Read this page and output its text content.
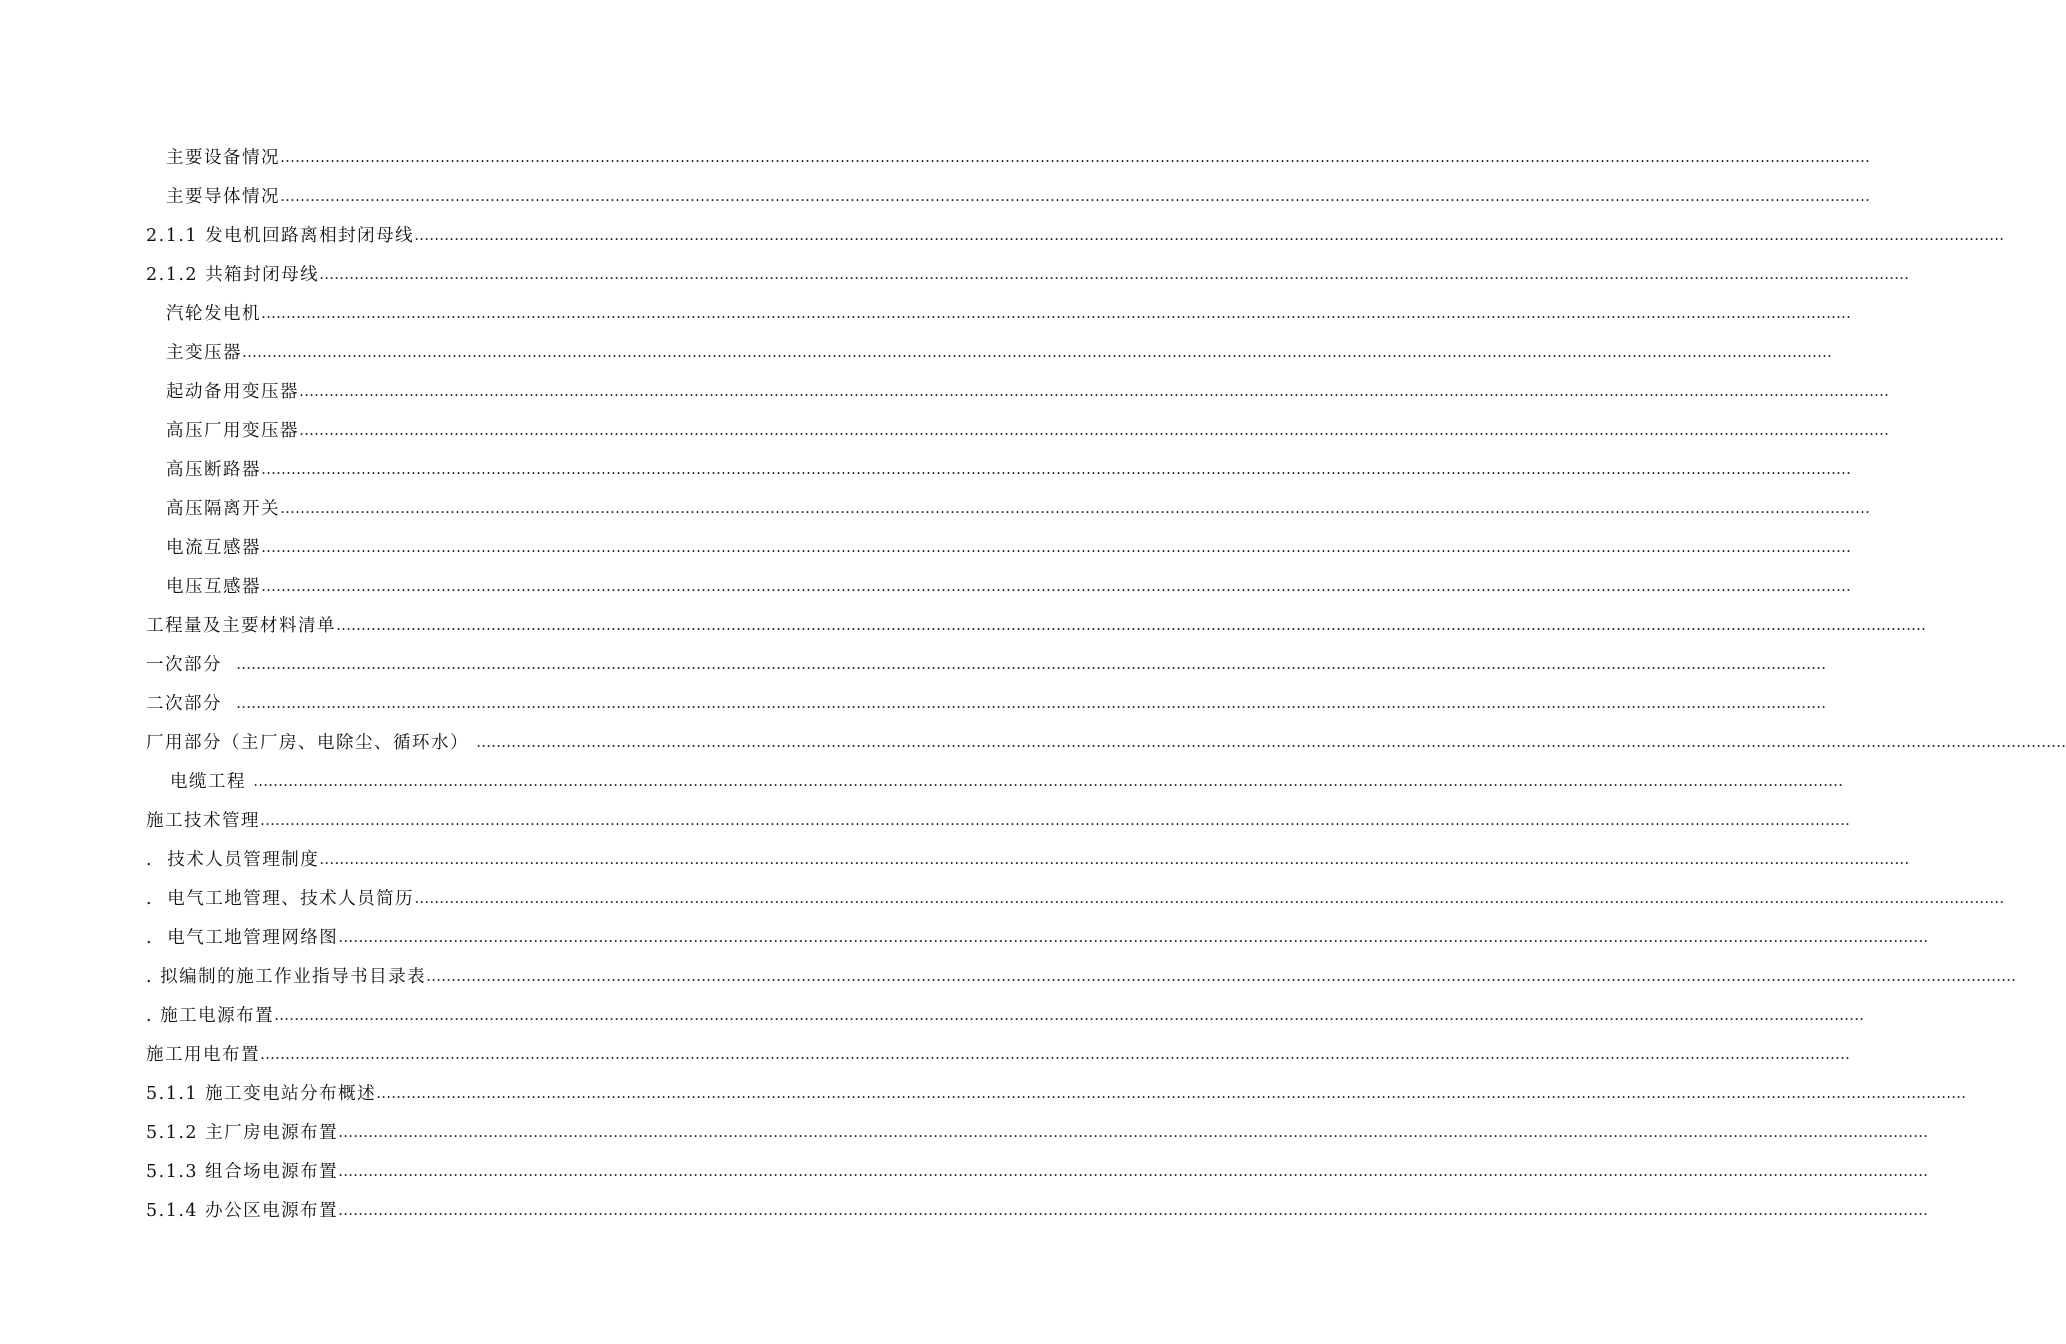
主要设备情况 …………………………………………………………………………………………………………………………………………………………………………………………………………………………………………………………………………………………
主要导体情况 …………………………………………………………………………………………………………………………………………………………………………………………………………………………………………………………………………………………
2.1.1 发电机回路离相封闭母线 …………………………………………………………………………………………………………………………………………………………………………………………………………………………………………………………………………………………
2.1.2 共箱封闭母线 …………………………………………………………………………………………………………………………………………………………………………………………………………………………………………………………………………………………
汽轮发电机 …………………………………………………………………………………………………………………………………………………………………………………………………………………………………………………………………………………………
主变压器 …………………………………………………………………………………………………………………………………………………………………………………………………………………………………………………………………………………………
起动备用变压器 …………………………………………………………………………………………………………………………………………………………………………………………………………………………………………………………………………………………
高压厂用变压器 …………………………………………………………………………………………………………………………………………………………………………………………………………………………………………………………………………………………
高压断路器 …………………………………………………………………………………………………………………………………………………………………………………………………………………………………………………………………………………………
高压隔离开关 …………………………………………………………………………………………………………………………………………………………………………………………………………………………………………………………………………………………
电流互感器 …………………………………………………………………………………………………………………………………………………………………………………………………………………………………………………………………………………………
电压互感器 …………………………………………………………………………………………………………………………………………………………………………………………………………………………………………………………………………………………
工程量及主要材料清单 …………………………………………………………………………………………………………………………………………………………………………………………………………………………………………………………………………………………
一次部分 …………………………………………………………………………………………………………………………………………………………………………………………………………………………………………………………………………………………
二次部分 …………………………………………………………………………………………………………………………………………………………………………………………………………………………………………………………………………………………
厂用部分（主厂房、电除尘、循环水） …………………………………………………………………………………………………………………………………………………………………………………………………………………………………………………………………………………………
电缆工程 …………………………………………………………………………………………………………………………………………………………………………………………………………………………………………………………………………………………
施工技术管理 …………………………………………………………………………………………………………………………………………………………………………………………………………………………………………………………………………………………
.  技术人员管理制度 …………………………………………………………………………………………………………………………………………………………………………………………………………………………………………………………………………………………
.  电气工地管理、技术人员简历 …………………………………………………………………………………………………………………………………………………………………………………………………………………………………………………………………………………………
.  电气工地管理网络图 …………………………………………………………………………………………………………………………………………………………………………………………………………………………………………………………………………………………
. 拟编制的施工作业指导书目录表 …………………………………………………………………………………………………………………………………………………………………………………………………………………………………………………………………………………………
. 施工电源布置 …………………………………………………………………………………………………………………………………………………………………………………………………………………………………………………………………………………………
施工用电布置 …………………………………………………………………………………………………………………………………………………………………………………………………………………………………………………………………………………………
5.1.1 施工变电站分布概述 …………………………………………………………………………………………………………………………………………………………………………………………………………………………………………………………………………………………
5.1.2 主厂房电源布置 …………………………………………………………………………………………………………………………………………………………………………………………………………………………………………………………………………………………
5.1.3 组合场电源布置 …………………………………………………………………………………………………………………………………………………………………………………………………………………………………………………………………………………………
5.1.4 办公区电源布置 …………………………………………………………………………………………………………………………………………………………………………………………………………………………………………………………………………………………
